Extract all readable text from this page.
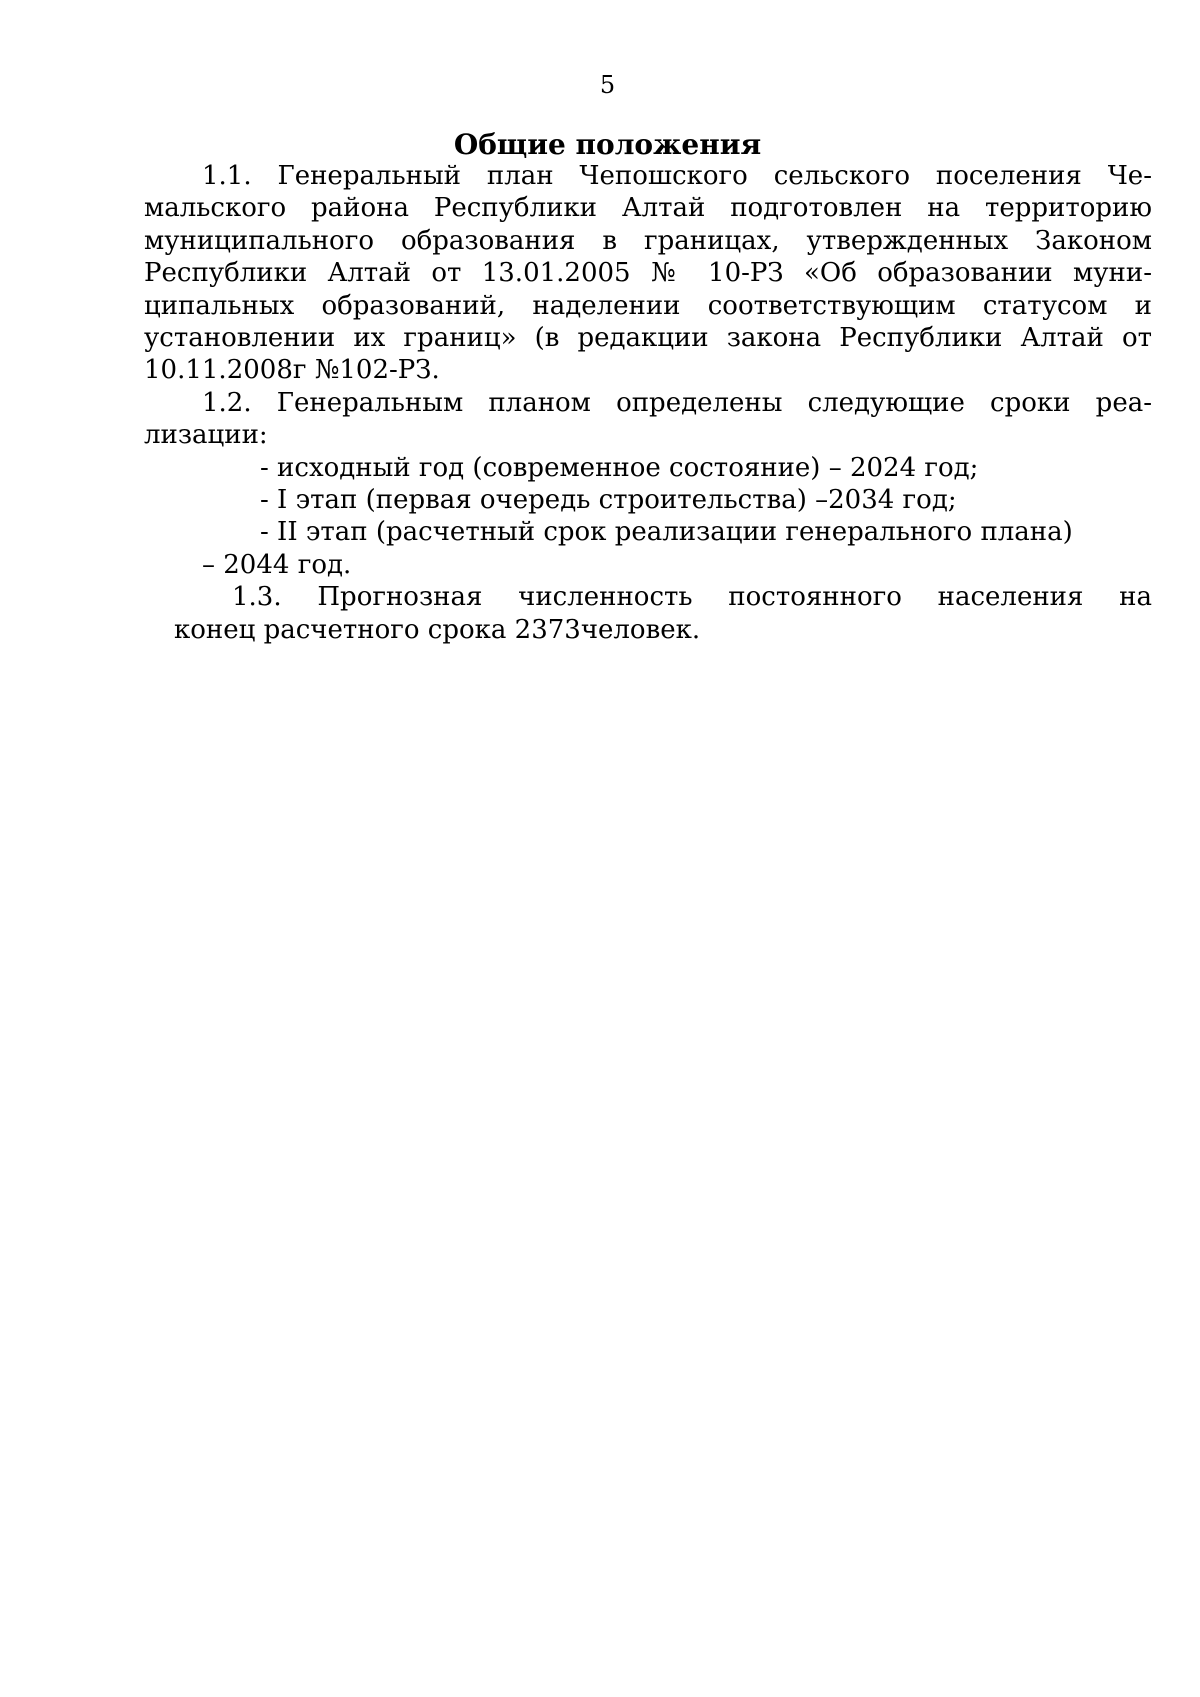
5
Общие положения

1.1. Генеральный план Чепошского сельского поселения Чемальского района Республики Алтай подготовлен на территорию муниципального образования в границах, утвержденных Законом Республики Алтай от 13.01.2005 № 10-РЗ «Об образовании муниципальных образований, наделении соответствующим статусом и установлении их границ» (в редакции закона Республики Алтай от 10.11.2008г №102-РЗ.

1.2. Генеральным планом определены следующие сроки реализации:

- исходный год (современное состояние) – 2024 год;
- I этап (первая очередь строительства) –2034 год;
- II этап (расчетный срок реализации генерального плана)
– 2044 год.
1.3. Прогнозная численность постоянного населения на
конец расчетного срока 2373человек.
